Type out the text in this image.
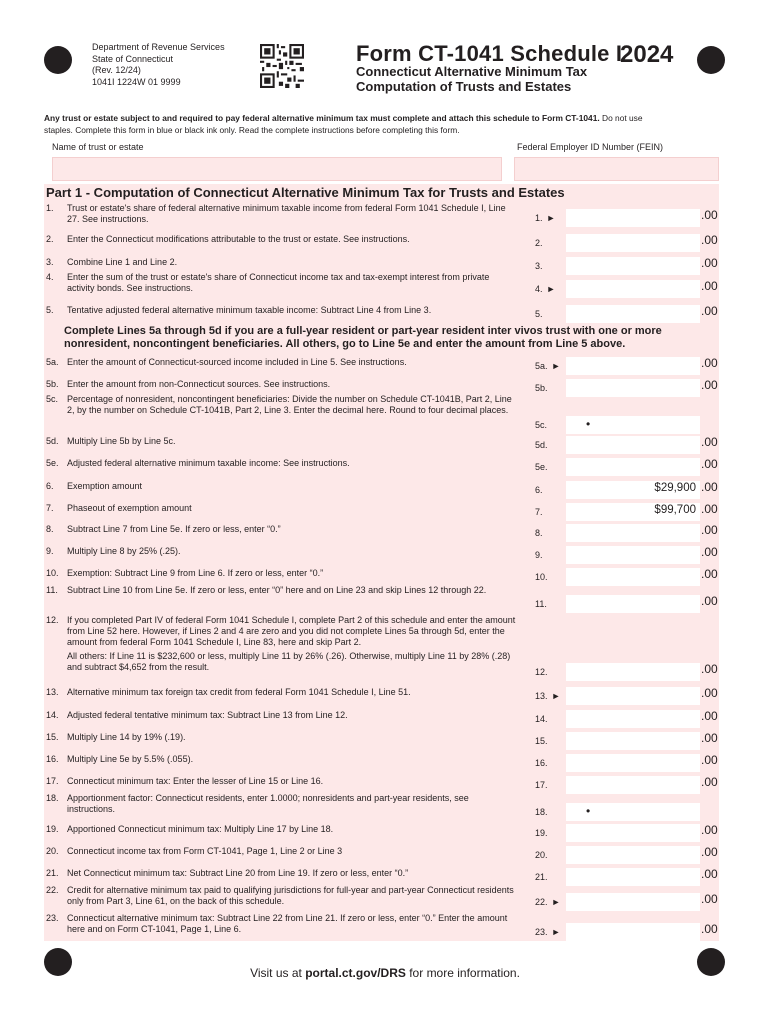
Department of Revenue Services
State of Connecticut
(Rev. 12/24)
1041I 1224W 01 9999
Form CT-1041 Schedule I
2024
Connecticut Alternative Minimum Tax
Computation of Trusts and Estates
Any trust or estate subject to and required to pay federal alternative minimum tax must complete and attach this schedule to Form CT-1041. Do not use
staples. Complete this form in blue or black ink only. Read the complete instructions before completing this form.
Name of trust or estate	Federal Employer ID Number (FEIN)
Part 1 - Computation of Connecticut Alternative Minimum Tax for Trusts and Estates
Complete Lines 5a through 5d if you are a full-year resident or part-year resident inter vivos trust with one or more nonresident, noncontingent beneficiaries. All others, go to Line 5e and enter the amount from Line 5 above.
1. Trust or estate's share of federal alternative minimum taxable income from federal Form 1041 Schedule I, Line 27. See instructions.	1. ►	.00
2. Enter the Connecticut modifications attributable to the trust or estate. See instructions.	2.	.00
3. Combine Line 1 and Line 2.	3.	.00
4. Enter the sum of the trust or estate's share of Connecticut income tax and tax-exempt interest from private activity bonds. See instructions.	4. ►	.00
5. Tentative adjusted federal alternative minimum taxable income: Subtract Line 4 from Line 3.	5.	.00
5a. Enter the amount of Connecticut-sourced income included in Line 5. See instructions.	5a. ►	.00
5b. Enter the amount from non-Connecticut sources. See instructions.	5b.	.00
5c. Percentage of nonresident, noncontingent beneficiaries: Divide the number on Schedule CT-1041B, Part 2, Line 2, by the number on Schedule CT-1041B, Part 2, Line 3. Enter the decimal here. Round to four decimal places.
5c.	•
5d. Multiply Line 5b by Line 5c.	5d.	.00
5e. Adjusted federal alternative minimum taxable income: See instructions.	5e.	.00
6. Exemption amount	6.	$29,900 .00
7. Phaseout of exemption amount	7.	$99,700 .00
8. Subtract Line 7 from Line 5e. If zero or less, enter “0.”	8.	.00
9. Multiply Line 8 by 25% (.25).	9.	.00
10. Exemption: Subtract Line 9 from Line 6. If zero or less, enter “0.”	10.	.00
11. Subtract Line 10 from Line 5e. If zero or less, enter “0” here and on Line 23 and skip Lines 12 through 22.
11.	.00
12. If you completed Part IV of federal Form 1041 Schedule I, complete Part 2 of this schedule and enter the amount from Line 52 here. However, if Lines 2 and 4 are zero and you did not complete Lines 5a through 5d, enter the amount from federal Form 1041 Schedule I, Line 83, here and skip Part 2.
All others: If Line 11 is $232,600 or less, multiply Line 11 by 26% (.26). Otherwise, multiply Line 11 by 28% (.28) and subtract $4,652 from the result.	12.	.00
13. Alternative minimum tax foreign tax credit from federal Form 1041 Schedule I, Line 51.	13. ►	.00
14. Adjusted federal tentative minimum tax: Subtract Line 13 from Line 12.	14.	.00
15. Multiply Line 14 by 19% (.19).	15.	.00
16. Multiply Line 5e by 5.5% (.055).	16.	.00
17. Connecticut minimum tax: Enter the lesser of Line 15 or Line 16.	17.	.00
18. Apportionment factor: Connecticut residents, enter 1.0000; nonresidents and part-year residents, see instructions.	18.	•
19. Apportioned Connecticut minimum tax: Multiply Line 17 by Line 18.	19.	.00
20. Connecticut income tax from Form CT-1041, Page 1, Line 2 or Line 3	20.	.00
21. Net Connecticut minimum tax: Subtract Line 20 from Line 19. If zero or less, enter “0.”	21.	.00
22. Credit for alternative minimum tax paid to qualifying jurisdictions for full-year and part-year Connecticut residents only from Part 3, Line 61, on the back of this schedule.	22. ►	.00
23. Connecticut alternative minimum tax: Subtract Line 22 from Line 21. If zero or less, enter “0.” Enter the amount here and on Form CT-1041, Page 1, Line 6.	23. ►	.00
Visit us at portal.ct.gov/DRS for more information.
